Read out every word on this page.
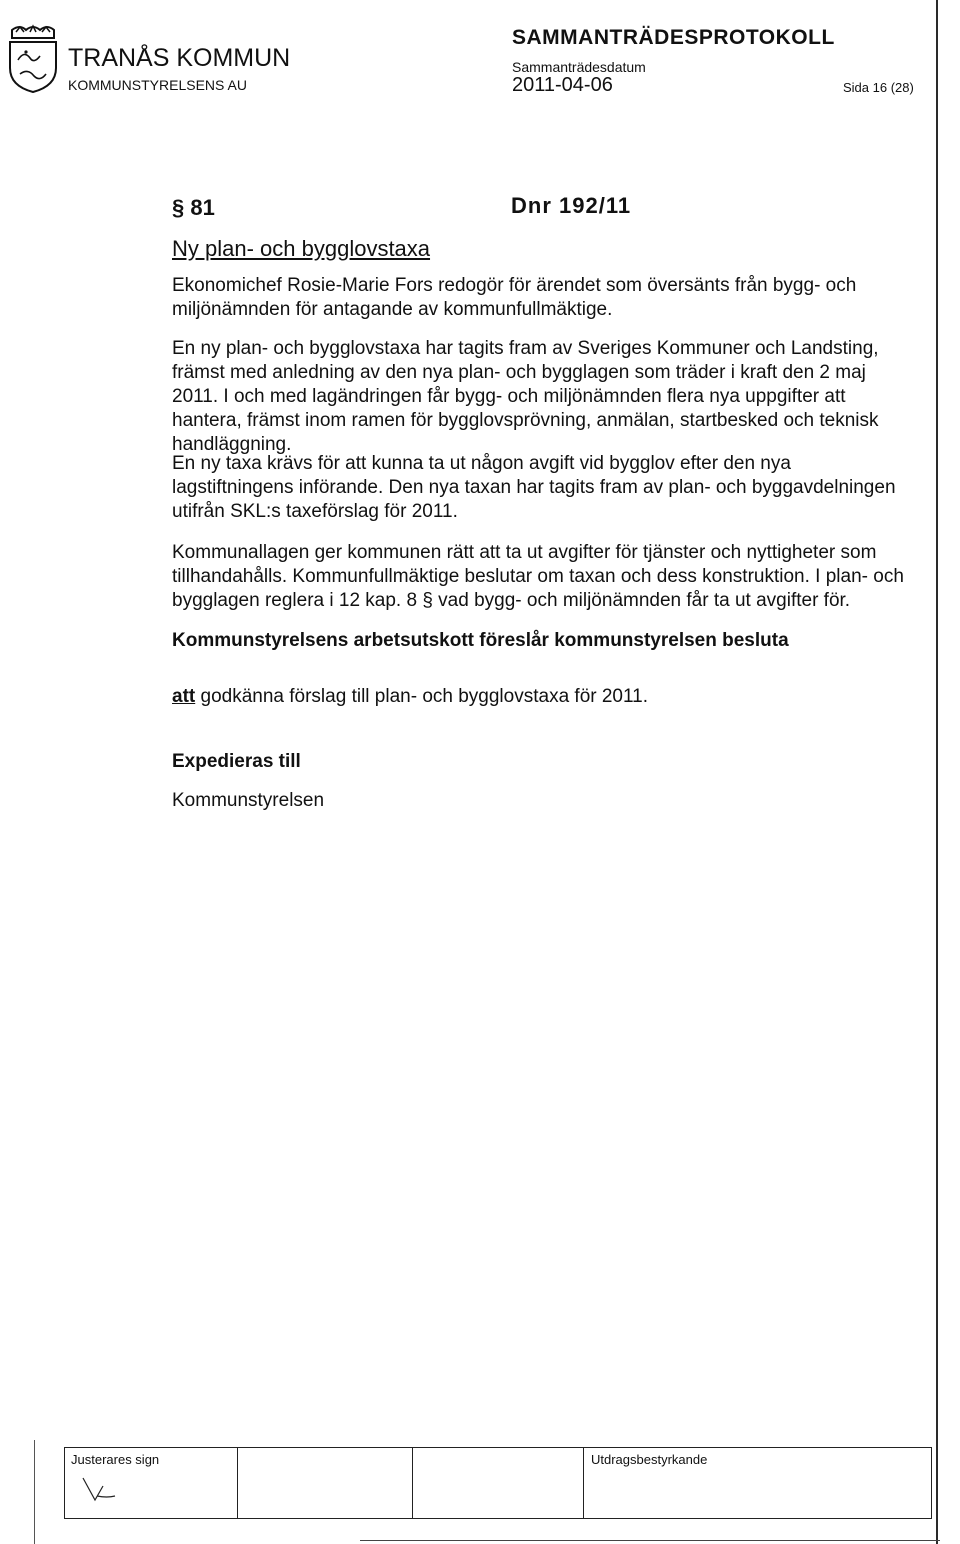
TRANÅS KOMMUN
KOMMUNSTYRELSENS AU
SAMMANTRÄDESPROTOKOLL
Sammanträdesdatum
2011-04-06	Sida 16 (28)
§ 81	Dnr 192/11
Ny plan- och bygglovstaxa

Ekonomichef Rosie-Marie Fors redogör för ärendet som översänts från bygg- och miljönämnden för antagande av kommunfullmäktige.

En ny plan- och bygglovstaxa har tagits fram av Sveriges Kommuner och Landsting, främst med anledning av den nya plan- och bygglagen som träder i kraft den 2 maj 2011. I och med lagändringen får bygg- och miljönämnden flera nya uppgifter att hantera, främst inom ramen för bygglovsprövning, anmälan, startbesked och teknisk handläggning.

En ny taxa krävs för att kunna ta ut någon avgift vid bygglov efter den nya lagstiftningens införande. Den nya taxan har tagits fram av plan- och byggavdelningen utifrån SKL:s taxeförslag för 2011.

Kommunallagen ger kommunen rätt att ta ut avgifter för tjänster och nyttigheter som tillhandahålls. Kommunfullmäktige beslutar om taxan och dess konstruktion. I plan- och bygglagen reglera i 12 kap. 8 § vad bygg- och miljönämnden får ta ut avgifter för.

Kommunstyrelsens arbetsutskott föreslår kommunstyrelsen besluta
att godkänna förslag till plan- och bygglovstaxa för 2011.
Expedieras till
Kommunstyrelsen
Justerares sign	Utdragsbestyrkande
